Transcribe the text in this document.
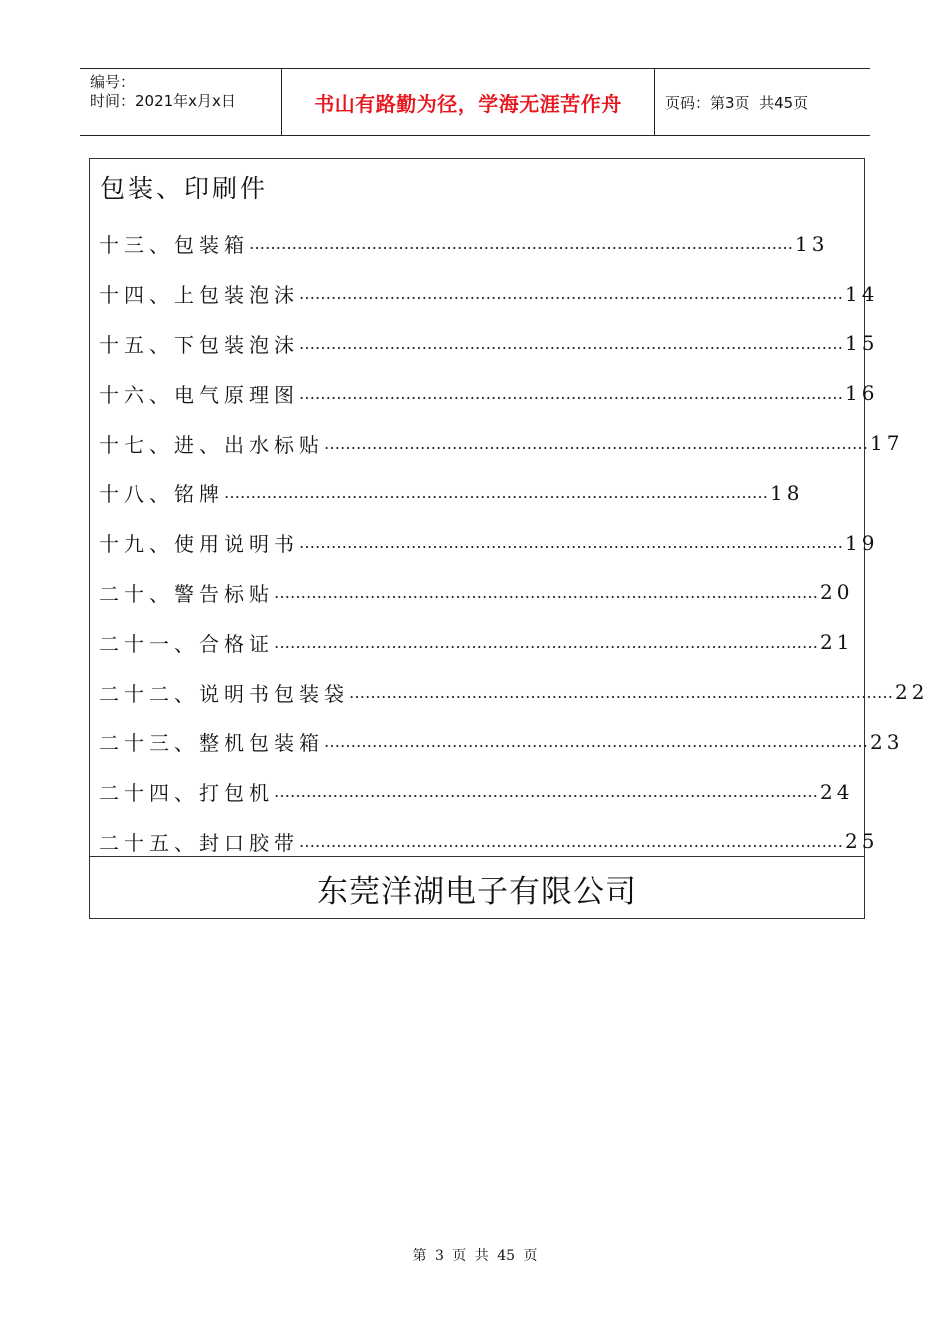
编号：
时间：2021年x月x日	书山有路勤为径，学海无涯苦作舟	页码：第3页  共45页
包装、印刷件
十三、包装箱 ………………………………………………………………………………………… 13
十四、上包装泡沫 ………………………………………………………………………………………… 14
十五、下包装泡沫 ………………………………………………………………………………………… 15
十六、电气原理图 ………………………………………………………………………………………… 16
十七、进、出水标贴 ………………………………………………………………………………………… 17
十八、铭牌 ………………………………………………………………………………………… 18
十九、使用说明书 ………………………………………………………………………………………… 19
二十、警告标贴 ………………………………………………………………………………………… 20
二十一、合格证 ………………………………………………………………………………………… 21
二十二、说明书包装袋 ………………………………………………………………………………………… 22
二十三、整机包装箱 ………………………………………………………………………………………… 23
二十四、打包机 ………………………………………………………………………………………… 24
二十五、封口胶带 ………………………………………………………………………………………… 25
东莞洋湖电子有限公司
第 3 页 共 45 页
